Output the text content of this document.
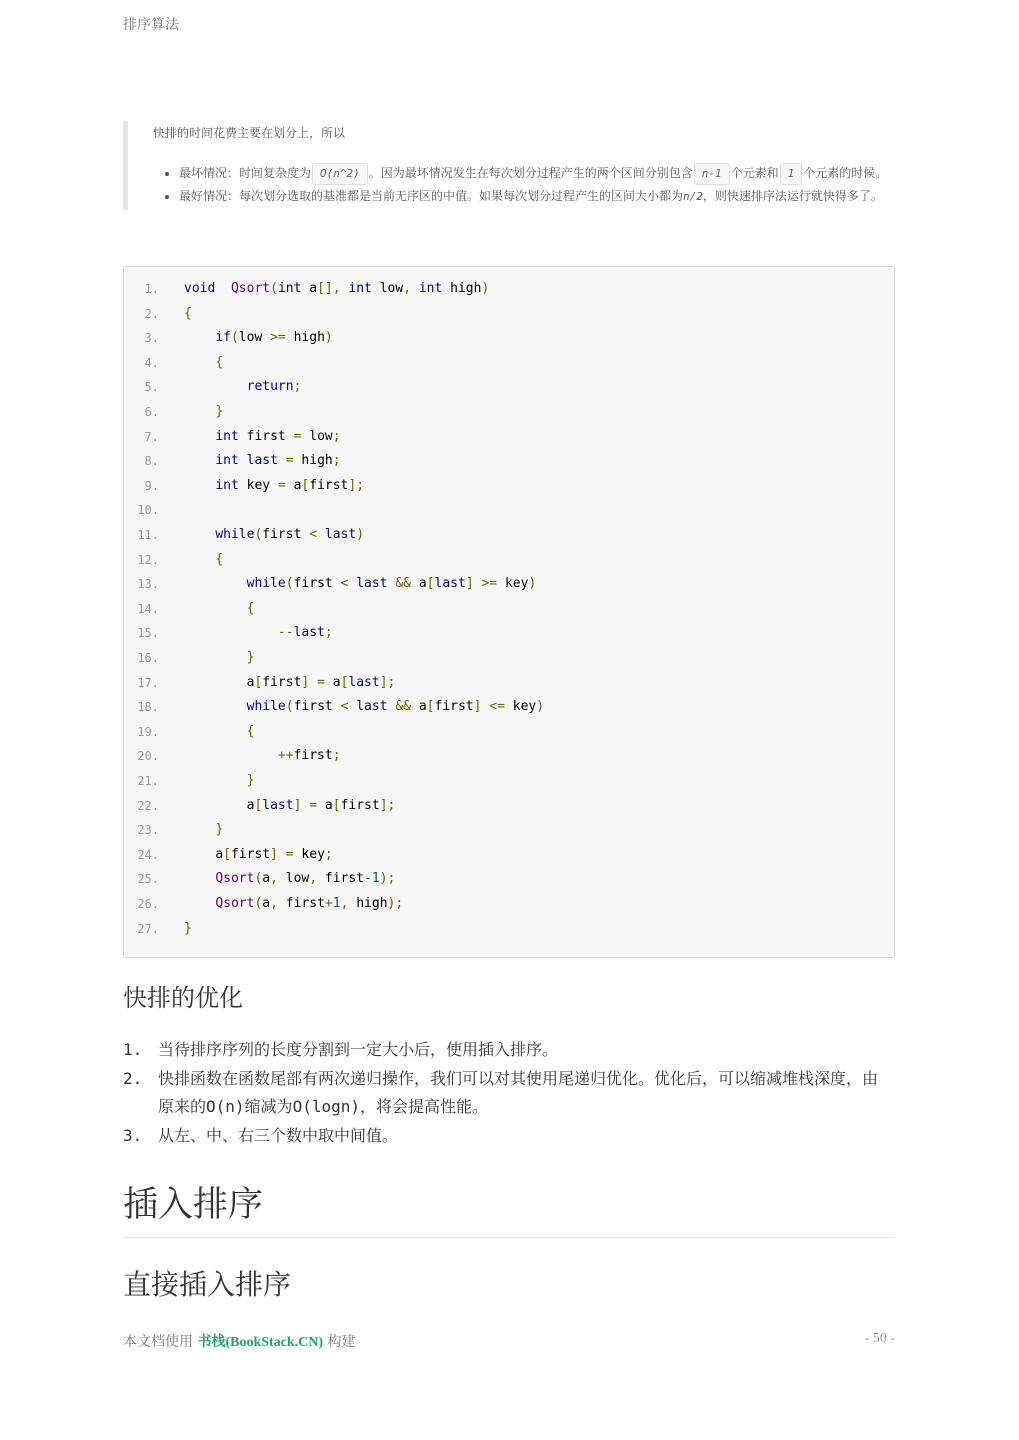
排序算法

快排的时间花费主要在划分上，所以

• 最坏情况：时间复杂度为 O(n^2) 。因为最坏情况发生在每次划分过程产生的两个区间分别包含 n-1 个元素和 1 个元素的时候。
• 最好情况：每次划分选取的基准都是当前无序区的中值。如果每次划分过程产生的区间大小都为n/2，则快速排序法运行就快得多了。
1. void Qsort(int a[], int low, int high)
2. {
3.	if(low >= high)
4.	{
5.	return;
6.	}
7.	int first = low;
8.	int last = high;
9.	int key = a[first];
10.
11.	while(first < last)
12.	{
13.	while(first < last && a[last] >= key)
14.	{
15.	--last;
16.	}
17.	a[first] = a[last];
18.	while(first < last && a[first] <= key)
19.	{
20.	++first;
21.	}
22.	a[last] = a[first];
23.	}
24.	a[first] = key;
25.	Qsort(a, low, first-1);
26.	Qsort(a, first+1, high);
27. }
快排的优化
1. 当待排序序列的长度分割到一定大小后，使用插入排序。
2. 快排函数在函数尾部有两次递归操作，我们可以对其使用尾递归优化。优化后，可以缩减堆栈深度，由原来的O(n)缩减为O(logn)，将会提高性能。
3. 从左、中、右三个数中取中间值。
插入排序
直接插入排序
本文档使用 书栈(BookStack.CN) 构建	- 50 -
